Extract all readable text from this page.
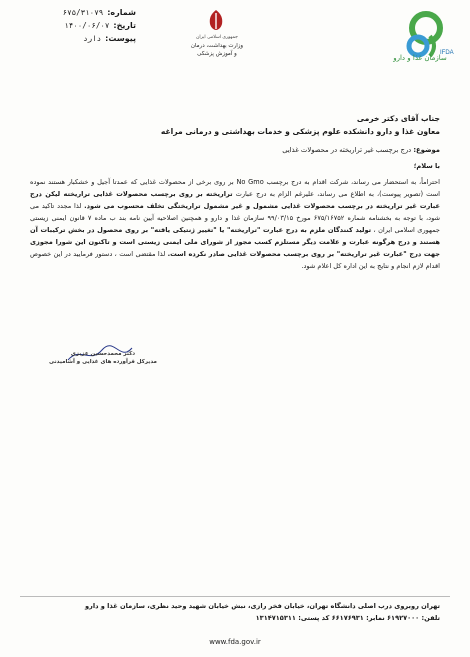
IFDA
سازمان غذا و دارو
جمهوری اسلامی ایران
وزارت بهداشت، درمان
و آموزش پزشکی
شماره:
۶۷۵/۳۱۰۷۹
تاریخ:
۱۴۰۰/۰۶/۰۷
پیوست:
دارد
جناب آقای دکتر خرمی
معاون غذا و دارو دانشکده علوم پزشکی و خدمات بهداشتی و درمانی مراغه
موضوع: درج برچسب غیر تراریخته در محصولات غذایی
با سلام؛
احتراماً، به استحضار می رساند، شرکت اقدام به درج برچسب No Gmo بر روی برخی از محصولات غذایی که عمدتا آجیل و خشکبار هستند نموده است (تصویر پیوست)، به اطلاع می رساند، علیرغم الزام به درج عبارت تراریخته بر روی برچسب محصولات غذایی تراریخته لیکن درج عبارت غیر تراریخته در برچسب محصولات غذایی مشمول و غیر مشمول تراریختگی تخلف محسوب می شود. لذا مجدد تاکید می شود، با توجه به بخشنامه شماره ۶۷۵/۱۶۷۵۲ مورخ ۹۹/۰۳/۱۵ سازمان غذا و دارو و همچنین اصلاحیه آیین نامه بند ب ماده ۷ قانون ایمنی زیستی جمهوری اسلامی ایران ، تولید کنندگان ملزم به درج عبارت "تراریخته" یا "تغییر ژنتیکی یافته" بر روی محصول در بخش ترکیبات آن هستند و درج هرگونه عبارت و علامت دیگر مستلزم کسب مجوز از شورای ملی ایمنی زیستی است و تاکنون این شورا مجوزی جهت درج "عبارت غیر تراریخته" بر روی برچسب محصولات غذایی صادر نکرده است. لذا مقتضی است ، دستور فرمایید در این خصوص اقدام لازم انجام و نتایج به این اداره کل اعلام شود.
دکتر محمدحسین عزیزی
مدیرکل فرآورده های غذایی و آشامیدنی
تهران روبروی درب اصلی دانشگاه تهران، خیابان فخر رازی، نبش خیابان شهید وحید نظری، سازمان غذا و دارو
تلفن: ۶۱۹۲۷۰۰۰ نمابر: ۶۶۱۷۶۹۳۱ کد پستی: ۱۳۱۴۷۱۵۳۱۱
www.fda.gov.ir
